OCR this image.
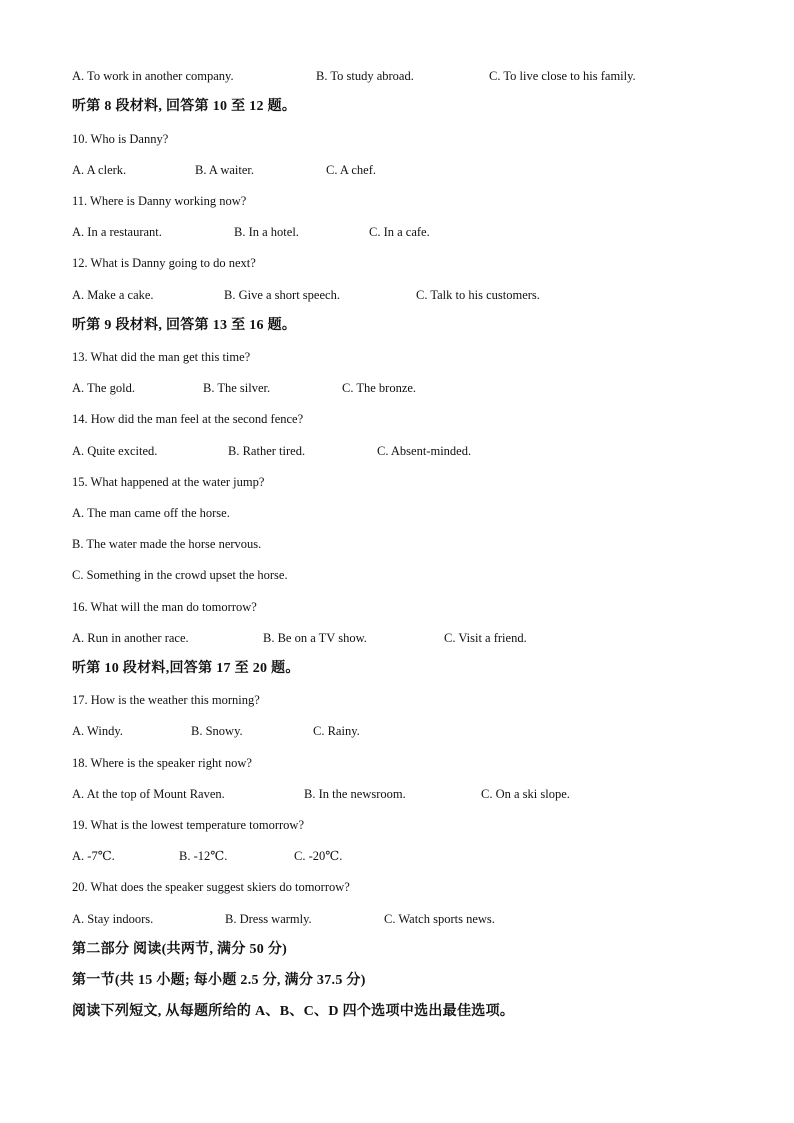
A. To work in another company.	B. To study abroad.	C. To live close to his family.
听第 8 段材料, 回答第 10 至 12 题。
10. Who is Danny?
A. A clerk.	B. A waiter.	C. A chef.
11. Where is Danny working now?
A. In a restaurant.	B. In a hotel.	C. In a cafe.
12. What is Danny going to do next?
A. Make a cake.	B. Give a short speech.	C. Talk to his customers.
听第 9 段材料, 回答第 13 至 16 题。
13. What did the man get this time?
A. The gold.	B. The silver.	C. The bronze.
14. How did the man feel at the second fence?
A. Quite excited.	B. Rather tired.	C. Absent-minded.
15. What happened at the water jump?
A. The man came off the horse.
B. The water made the horse nervous.
C. Something in the crowd upset the horse.
16. What will the man do tomorrow?
A. Run in another race.	B. Be on a TV show.	C. Visit a friend.
听第 10 段材料,回答第 17 至 20 题。
17. How is the weather this morning?
A. Windy.	B. Snowy.	C. Rainy.
18. Where is the speaker right now?
A. At the top of Mount Raven.	B. In the newsroom.	C. On a ski slope.
19. What is the lowest temperature tomorrow?
A. -7℃.	B. -12℃.	C. -20℃.
20. What does the speaker suggest skiers do tomorrow?
A. Stay indoors.	B. Dress warmly.	C. Watch sports news.
第二部分 阅读(共两节, 满分 50 分)
第一节(共 15 小题; 每小题 2.5 分, 满分 37.5 分)
阅读下列短文, 从每题所给的 A、B、C、D 四个选项中选出最佳选项。
